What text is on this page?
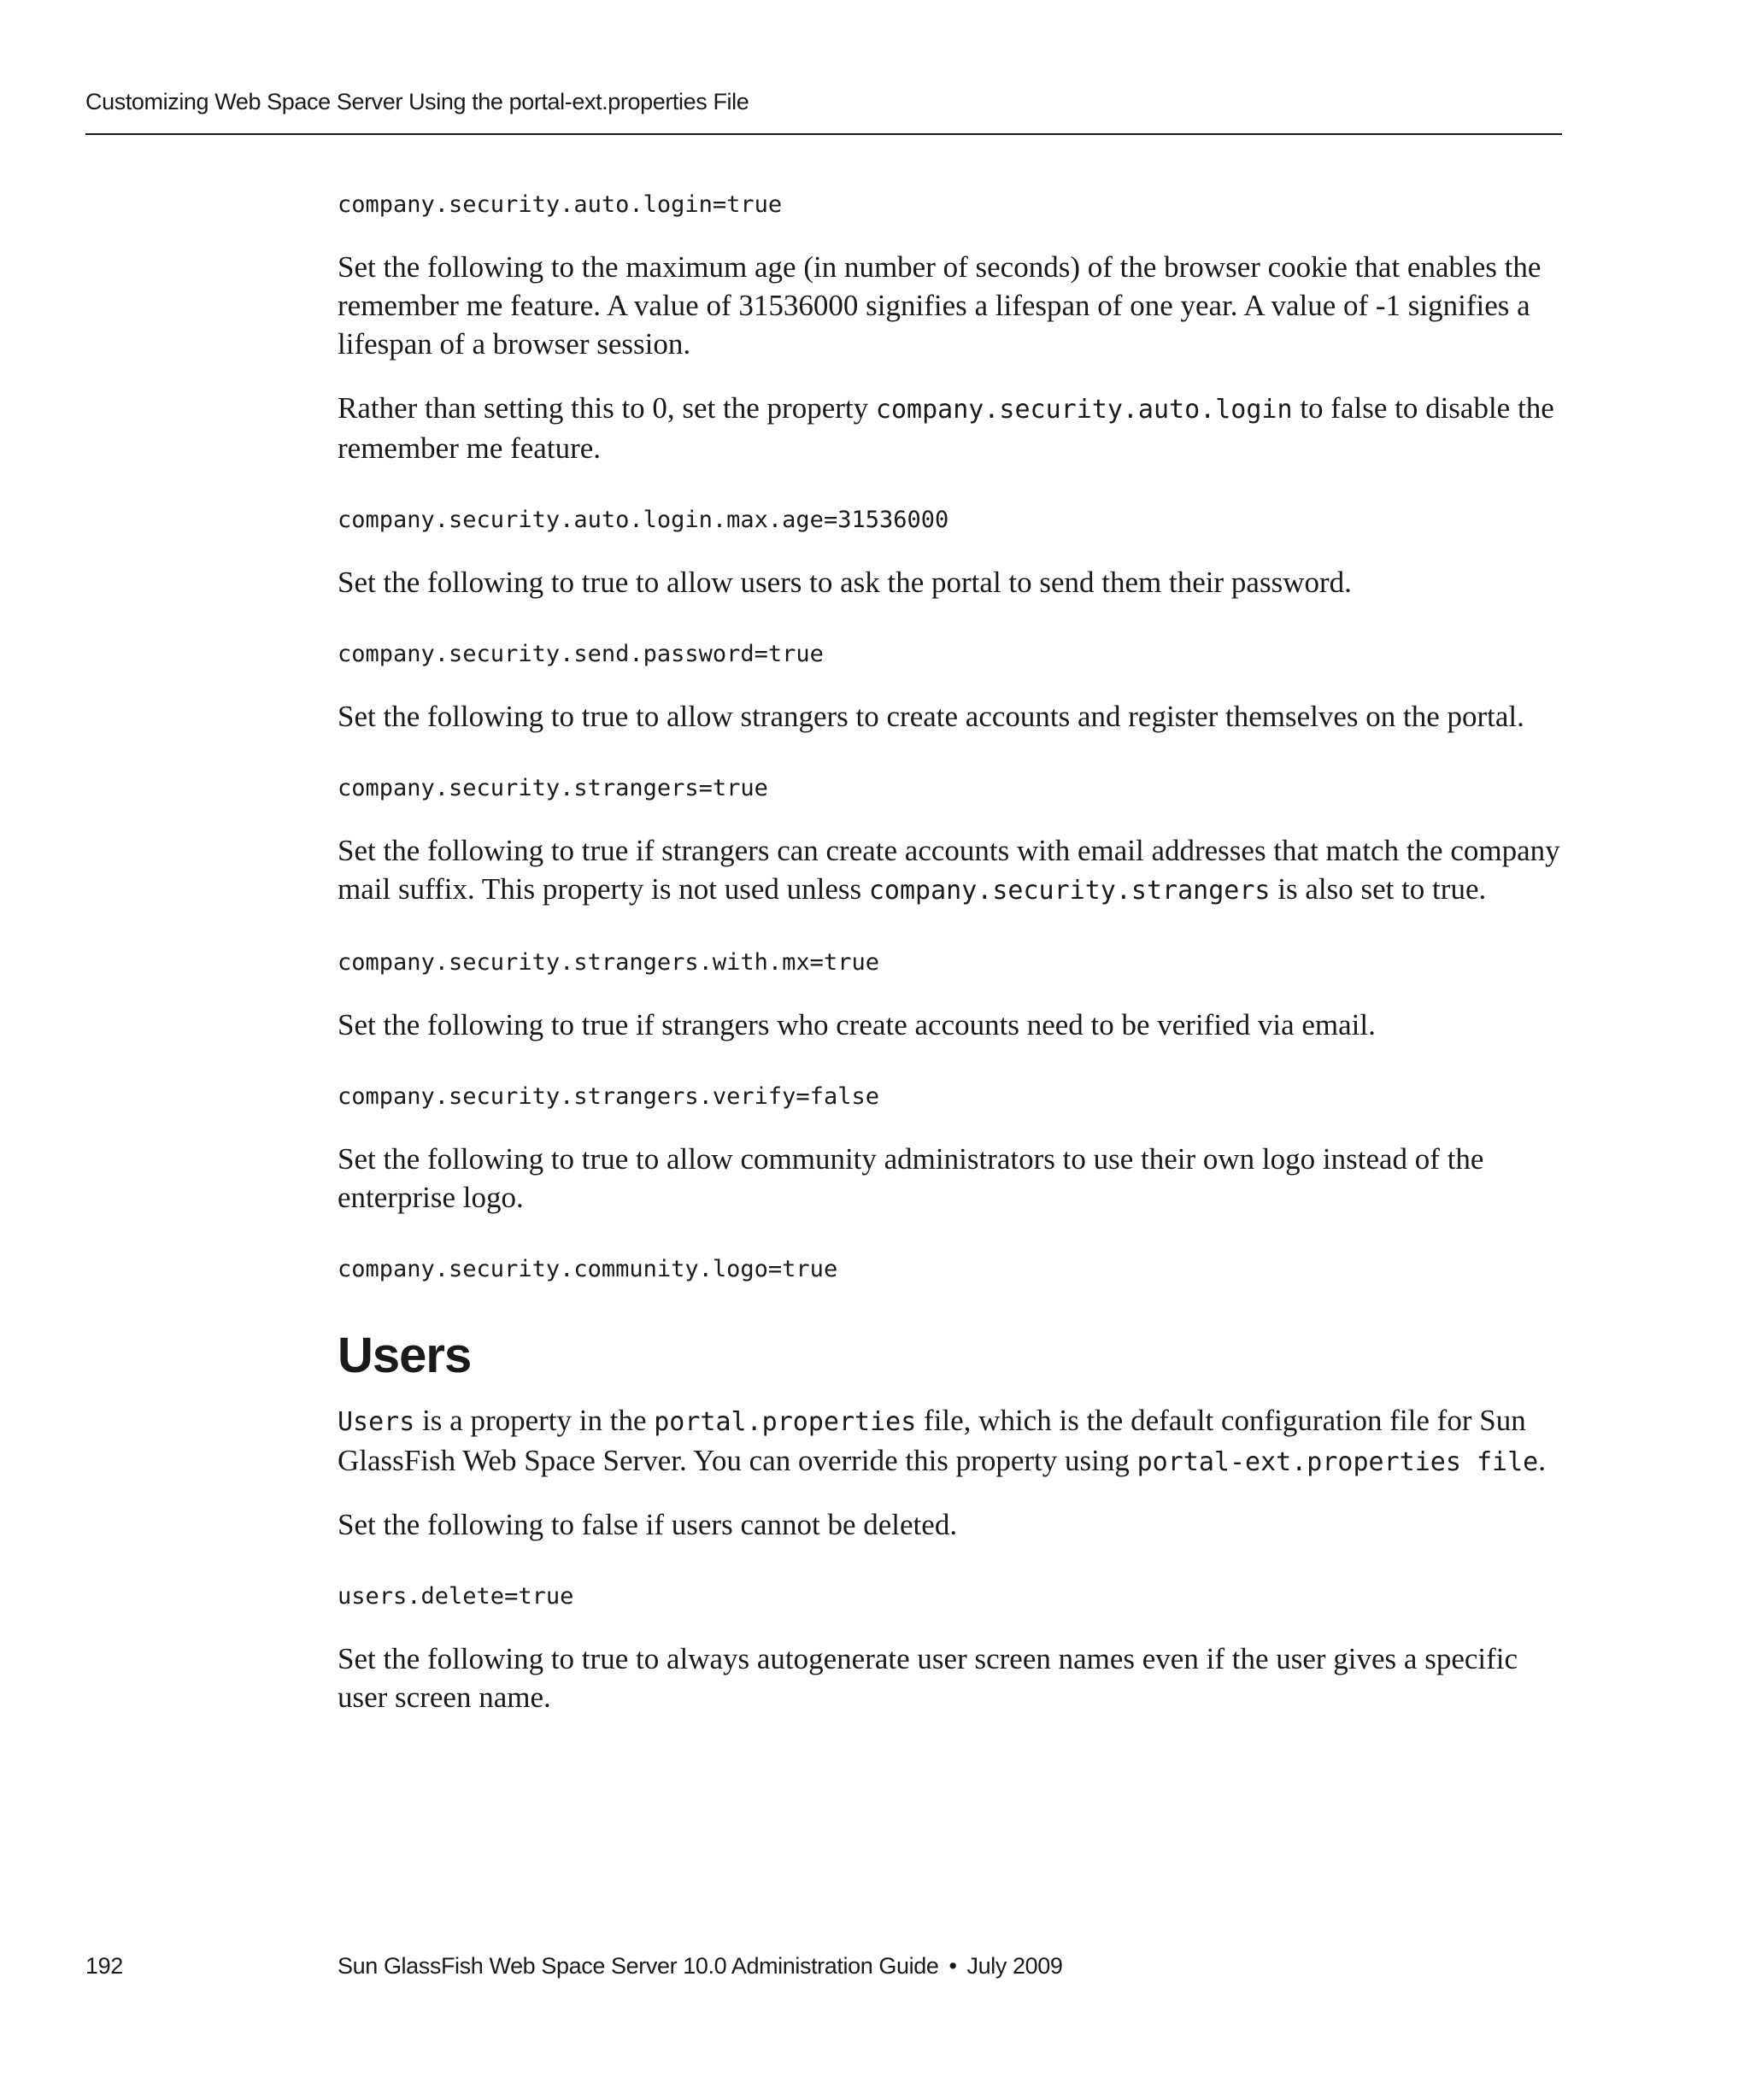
Customizing Web Space Server Using the portal-ext.properties File

company.security.auto.login=true

Set the following to the maximum age (in number of seconds) of the browser cookie that enables the remember me feature. A value of 31536000 signifies a lifespan of one year. A value of -1 signifies a lifespan of a browser session.

Rather than setting this to 0, set the property company.security.auto.login to false to disable the remember me feature.

company.security.auto.login.max.age=31536000

Set the following to true to allow users to ask the portal to send them their password.

company.security.send.password=true

Set the following to true to allow strangers to create accounts and register themselves on the portal.

company.security.strangers=true

Set the following to true if strangers can create accounts with email addresses that match the company mail suffix. This property is not used unless company.security.strangers is also set to true.

company.security.strangers.with.mx=true

Set the following to true if strangers who create accounts need to be verified via email.

company.security.strangers.verify=false

Set the following to true to allow community administrators to use their own logo instead of the enterprise logo.

company.security.community.logo=true

Users

Users is a property in the portal.properties file, which is the default configuration file for Sun GlassFish Web Space Server. You can override this property using portal-ext.properties file.

Set the following to false if users cannot be deleted.

users.delete=true

Set the following to true to always autogenerate user screen names even if the user gives a specific user screen name.

192	Sun GlassFish Web Space Server 10.0 Administration Guide • July 2009
